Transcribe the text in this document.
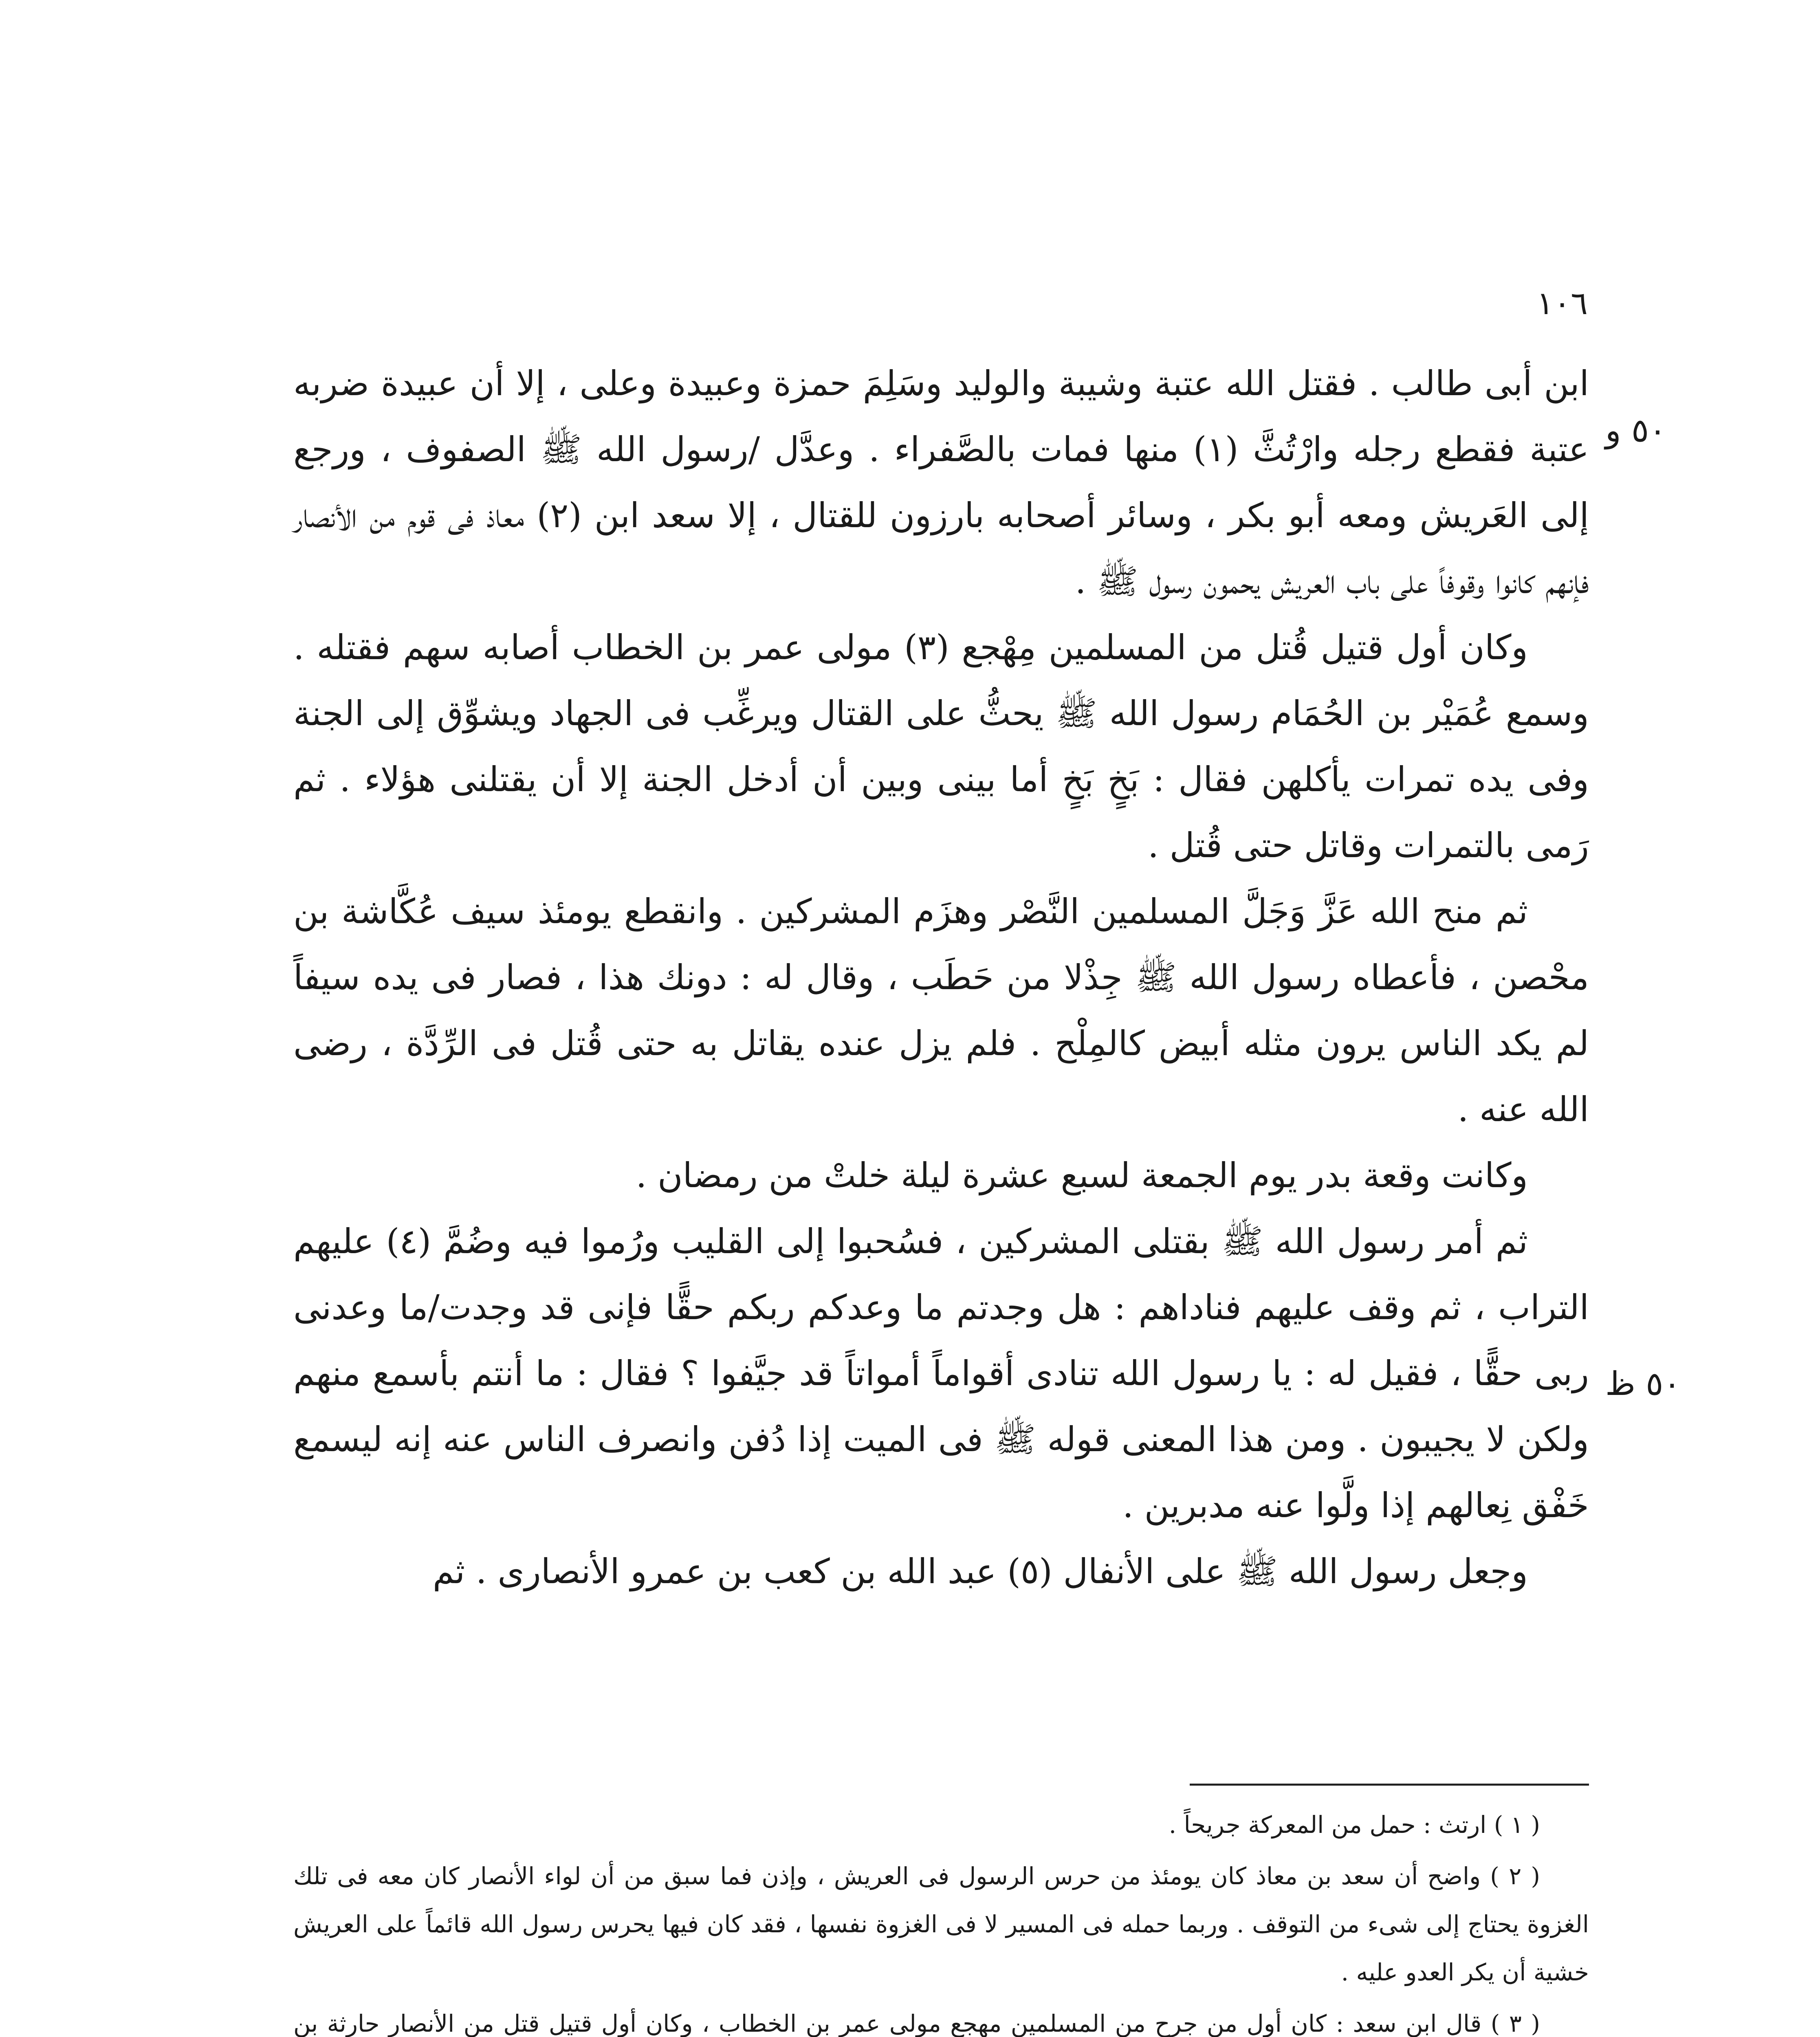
١٠٦
٥٠ و
٥٠ ظ

ابن أبى طالب . فقتل الله عتبة وشيبة والوليد وسَلِمَ حمزة وعبيدة وعلى ، إلا أن عبيدة ضربه عتبة فقطع رجله وارْتُثَّ (١) منها فمات بالصَّفراء . وعدَّل /رسول الله ﷺ الصفوف ، ورجع إلى العَريش ومعه أبو بكر ، وسائر أصحابه بارزون للقتال ، إلا سعد ابن (٢) معاذ فى قوم من الأنصار فإنهم كانوا وقوفاً على باب العريش يحمون رسول ﷺ .

وكان أول قتيل قُتل من المسلمين مِهْجع (٣) مولى عمر بن الخطاب أصابه سهم فقتله . وسمع عُمَيْر بن الحُمَام رسول الله ﷺ يحثُّ على القتال ويرغِّب فى الجهاد ويشوِّق إلى الجنة وفى يده تمرات يأكلهن فقال : بَخٍ بَخٍ أما بينى وبين أن أدخل الجنة إلا أن يقتلنى هؤلاء . ثم رَمى بالتمرات وقاتل حتى قُتل .

ثم منح الله عَزَّ وَجَلَّ المسلمين النَّصْر وهزَم المشركين . وانقطع يومئذ سيف عُكَّاشة بن محْصن ، فأعطاه رسول الله ﷺ جِذْلا من حَطَب ، وقال له : دونك هذا ، فصار فى يده سيفاً لم يكد الناس يرون مثله أبيض كالمِلْح . فلم يزل عنده يقاتل به حتى قُتل فى الرِّدَّة ، رضى الله عنه .

وكانت وقعة بدر يوم الجمعة لسبع عشرة ليلة خلتْ من رمضان .

ثم أمر رسول الله ﷺ بقتلى المشركين ، فسُحبوا إلى القليب ورُموا فيه وضُمَّ (٤) عليهم التراب ، ثم وقف عليهم فناداهم : هل وجدتم ما وعدكم ربكم حقًّا فإنى قد وجدت/ما وعدنى ربى حقًّا ، فقيل له : يا رسول الله تنادى أقواماً أمواتاً قد جيَّفوا ؟ فقال : ما أنتم بأسمع منهم ولكن لا يجيبون . ومن هذا المعنى قوله ﷺ فى الميت إذا دُفن وانصرف الناس عنه إنه ليسمع خَفْق نِعالهم إذا ولَّوا عنه مدبرين .

وجعل رسول الله ﷺ على الأنفال (٥) عبد الله بن كعب بن عمرو الأنصارى . ثم

( ١ ) ارتث : حمل من المعركة جريحاً .

( ٢ ) واضح أن سعد بن معاذ كان يومئذ من حرس الرسول فى العريش ، وإذن فما سبق من أن لواء الأنصار كان معه فى تلك الغزوة يحتاج إلى شىء من التوقف . وربما حمله فى المسير لا فى الغزوة نفسها ، فقد كان فيها يحرس رسول الله قائماً على العريش خشية أن يكر العدو عليه .

( ٣ ) قال ابن سعد : كان أول من جرح من المسلمين مهجع مولى عمر بن الخطاب ، وكان أول قتيل قتل من الأنصار حارثة بن
